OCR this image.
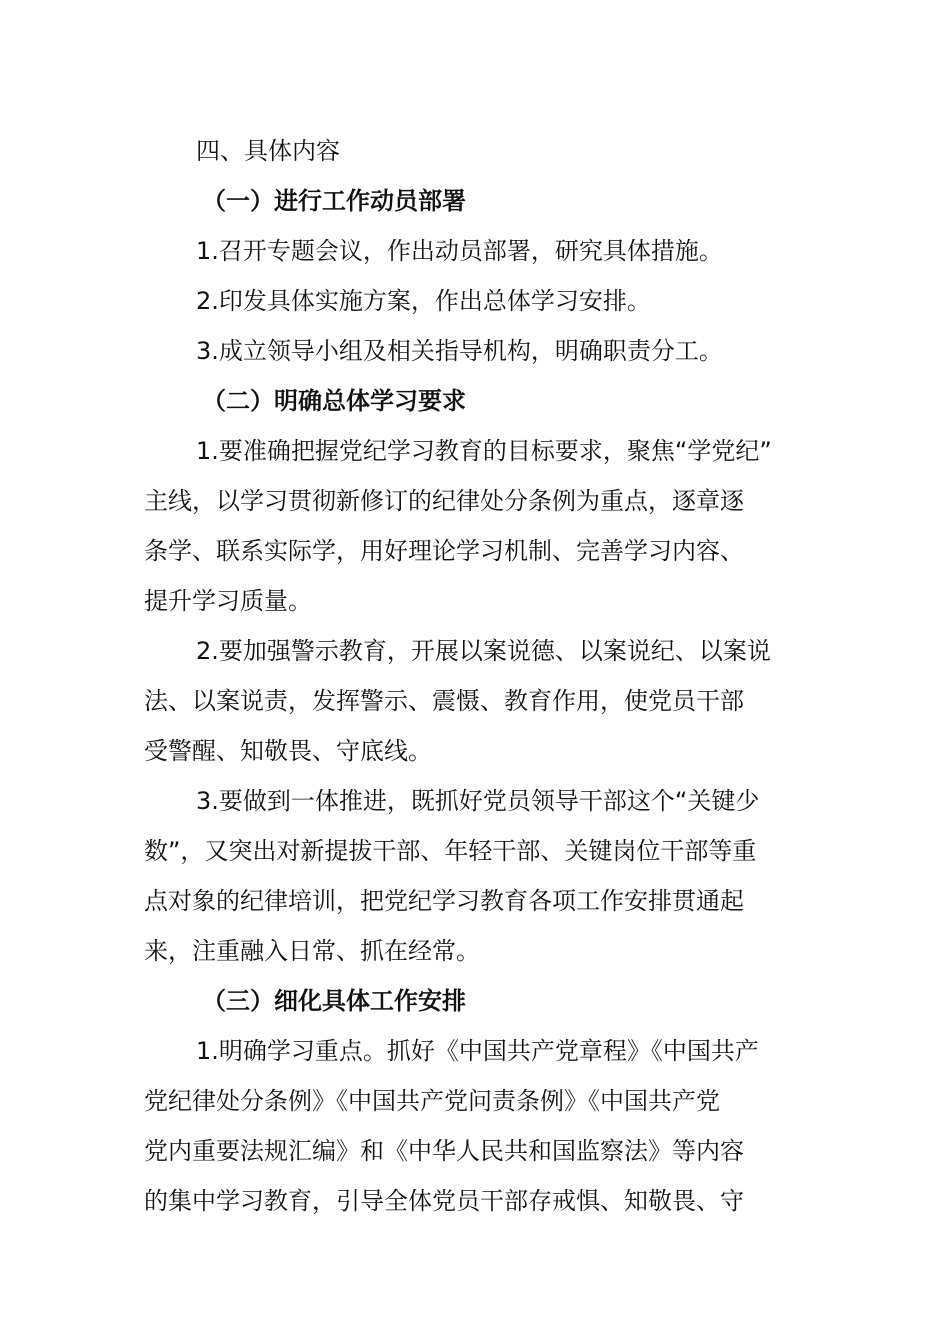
四、具体内容

（一）进行工作动员部署

1.召开专题会议，作出动员部署，研究具体措施。

2.印发具体实施方案，作出总体学习安排。

3.成立领导小组及相关指导机构，明确职责分工。

（二）明确总体学习要求

1.要准确把握党纪学习教育的目标要求，聚焦“学党纪”

主线，以学习贯彻新修订的纪律处分条例为重点，逐章逐

条学、联系实际学，用好理论学习机制、完善学习内容、

提升学习质量。

2.要加强警示教育，开展以案说德、以案说纪、以案说

法、以案说责，发挥警示、震慑、教育作用，使党员干部

受警醒、知敬畏、守底线。

3.要做到一体推进，既抓好党员领导干部这个“关键少

数”，又突出对新提拔干部、年轻干部、关键岗位干部等重

点对象的纪律培训，把党纪学习教育各项工作安排贯通起

来，注重融入日常、抓在经常。

（三）细化具体工作安排

1.明确学习重点。抓好《中国共产党章程》《中国共产

党纪律处分条例》《中国共产党问责条例》《中国共产党

党内重要法规汇编》和《中华人民共和国监察法》等内容

的集中学习教育，引导全体党员干部存戒惧、知敬畏、守
